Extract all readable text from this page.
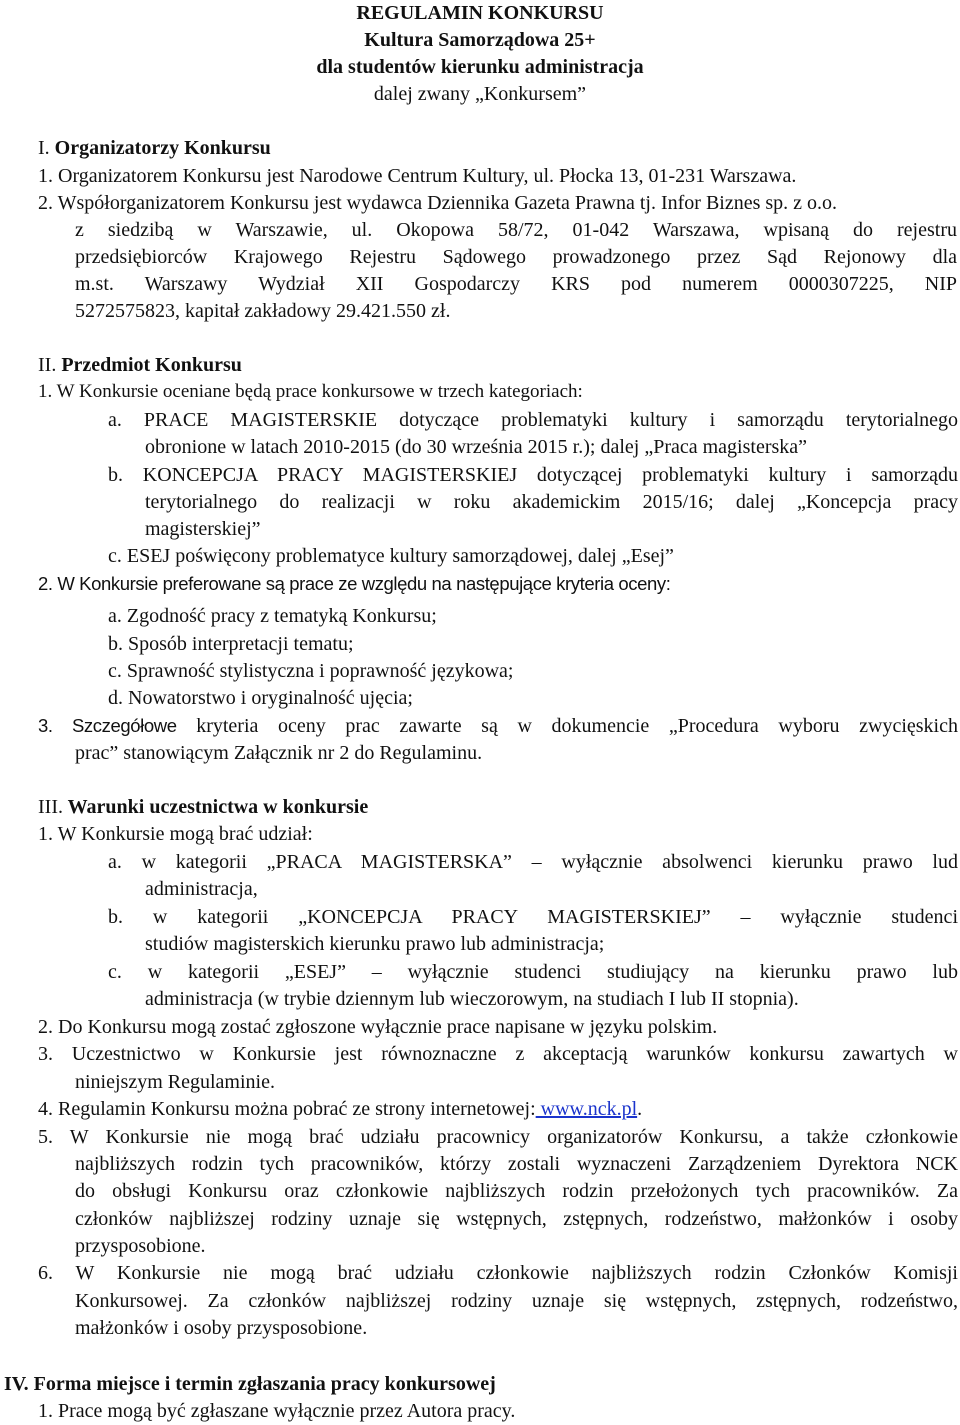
REGULAMIN KONKURSU
Kultura Samorządowa 25+
dla studentów kierunku administracja
dalej zwany „Konkursem”
I. Organizatorzy Konkursu
1. Organizatorem Konkursu jest Narodowe Centrum Kultury, ul. Płocka 13, 01-231 Warszawa.
2. Współorganizatorem Konkursu jest wydawca Dziennika Gazeta Prawna tj. Infor Biznes sp. z o.o.
z siedzibą w Warszawie, ul. Okopowa 58/72, 01-042 Warszawa, wpisaną do rejestru
przedsiębiorców Krajowego Rejestru Sądowego prowadzonego przez Sąd Rejonowy dla
m.st. Warszawy Wydział XII Gospodarczy KRS pod numerem 0000307225, NIP
5272575823, kapitał zakładowy 29.421.550 zł.
II. Przedmiot Konkursu
1. W Konkursie oceniane będą prace konkursowe w trzech kategoriach:
a. PRACE MAGISTERSKIE dotyczące problematyki kultury i samorządu terytorialnego
obronione w latach 2010-2015 (do 30 września 2015 r.); dalej „Praca magisterska”
b. KONCEPCJA PRACY MAGISTERSKIEJ dotyczącej problematyki kultury i samorządu
terytorialnego do realizacji w roku akademickim 2015/16; dalej „Koncepcja pracy
magisterskiej”
c. ESEJ poświęcony problematyce kultury samorządowej, dalej „Esej”
2. W Konkursie preferowane są prace ze względu na następujące kryteria oceny:
a. Zgodność pracy z tematyką Konkursu;
b. Sposób interpretacji tematu;
c. Sprawność stylistyczna i poprawność językowa;
d. Nowatorstwo i oryginalność ujęcia;
3. Szczegółowe kryteria oceny prac zawarte są w dokumencie „Procedura wyboru zwycięskich
prac” stanowiącym Załącznik nr 2 do Regulaminu.
III. Warunki uczestnictwa w konkursie
1. W Konkursie mogą brać udział:
a. w kategorii „PRACA MAGISTERSKA” – wyłącznie absolwenci kierunku prawo lud
administracja,
b. w kategorii „KONCEPCJA PRACY MAGISTERSKIEJ” – wyłącznie studenci
studiów magisterskich kierunku prawo lub administracja;
c. w kategorii „ESEJ” – wyłącznie studenci studiujący na kierunku prawo lub
administracja (w trybie dziennym lub wieczorowym, na studiach I lub II stopnia).
2. Do Konkursu mogą zostać zgłoszone wyłącznie prace napisane w języku polskim.
3. Uczestnictwo w Konkursie jest równoznaczne z akceptacją warunków konkursu zawartych w
niniejszym Regulaminie.
4. Regulamin Konkursu można pobrać ze strony internetowej: www.nck.pl.
5. W Konkursie nie mogą brać udziału pracownicy organizatorów Konkursu, a także członkowie
najbliższych rodzin tych pracowników, którzy zostali wyznaczeni Zarządzeniem Dyrektora NCK
do obsługi Konkursu oraz członkowie najbliższych rodzin przełożonych tych pracowników. Za
członków najbliższej rodziny uznaje się wstępnych, zstępnych, rodzeństwo, małżonków i osoby
przysposobione.
6. W Konkursie nie mogą brać udziału członkowie najbliższych rodzin Członków Komisji
Konkursowej. Za członków najbliższej rodziny uznaje się wstępnych, zstępnych, rodzeństwo,
małżonków i osoby przysposobione.
IV. Forma miejsce i termin zgłaszania pracy konkursowej
1. Prace mogą być zgłaszane wyłącznie przez Autora pracy.
